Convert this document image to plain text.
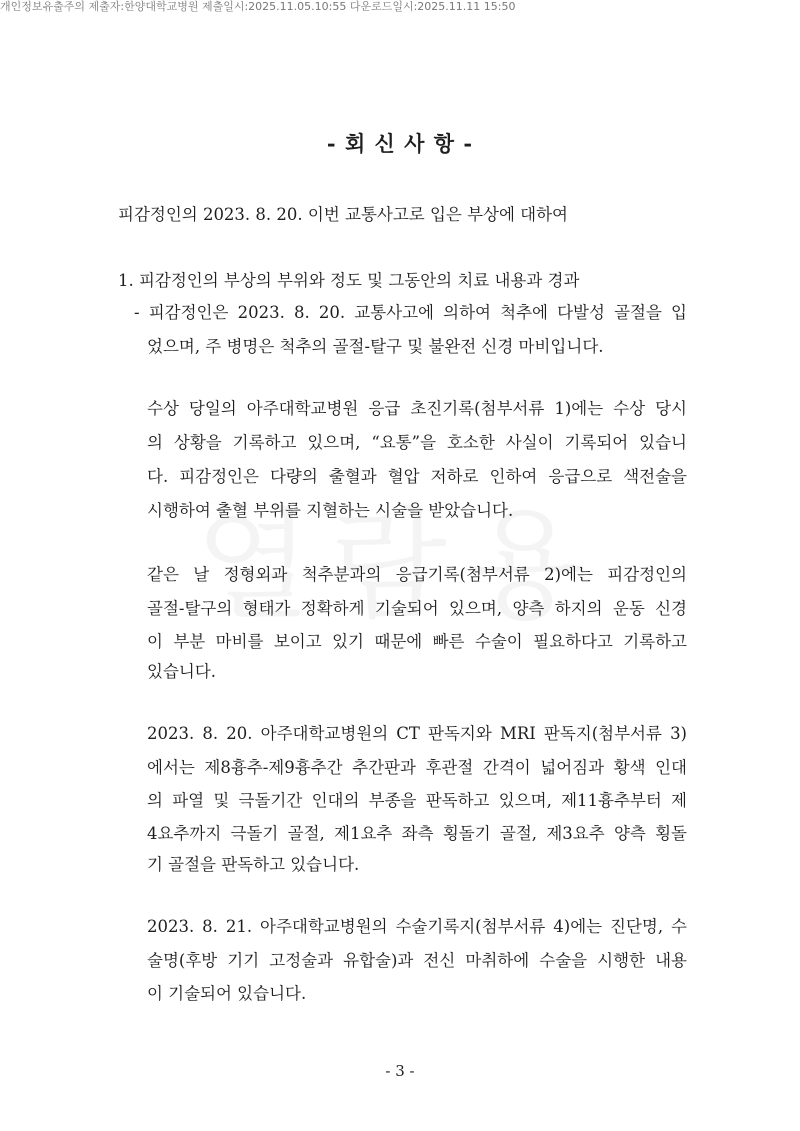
개인정보유출주의 제출자:한양대학교병원 제출일시:2025.11.05.10:55 다운로드일시:2025.11.11 15:50
- 회 신 사 항 -
피감정인의 2023. 8. 20. 이번 교통사고로 입은 부상에 대하여
1. 피감정인의 부상의 부위와 정도 및 그동안의 치료 내용과 경과
- 피감정인은 2023. 8. 20. 교통사고에 의하여 척추에 다발성 골절을 입
었으며, 주 병명은 척추의 골절-탈구 및 불완전 신경 마비입니다.
수상 당일의 아주대학교병원 응급 초진기록(첨부서류 1)에는 수상 당시
의 상황을 기록하고 있으며, “요통”을 호소한 사실이 기록되어 있습니
다. 피감정인은 다량의 출혈과 혈압 저하로 인하여 응급으로 색전술을
시행하여 출혈 부위를 지혈하는 시술을 받았습니다.
같은 날 정형외과 척추분과의 응급기록(첨부서류 2)에는 피감정인의
골절-탈구의 형태가 정확하게 기술되어 있으며, 양측 하지의 운동 신경
이 부분 마비를 보이고 있기 때문에 빠른 수술이 필요하다고 기록하고
있습니다.
2023. 8. 20. 아주대학교병원의 CT 판독지와 MRI 판독지(첨부서류 3)
에서는 제8흉추-제9흉추간 추간판과 후관절 간격이 넓어짐과 황색 인대
의 파열 및 극돌기간 인대의 부종을 판독하고 있으며, 제11흉추부터 제
4요추까지 극돌기 골절, 제1요추 좌측 횡돌기 골절, 제3요추 양측 횡돌
기 골절을 판독하고 있습니다.
2023. 8. 21. 아주대학교병원의 수술기록지(첨부서류 4)에는 진단명, 수
술명(후방 기기 고정술과 유합술)과 전신 마취하에 수술을 시행한 내용
이 기술되어 있습니다.
- 3 -
